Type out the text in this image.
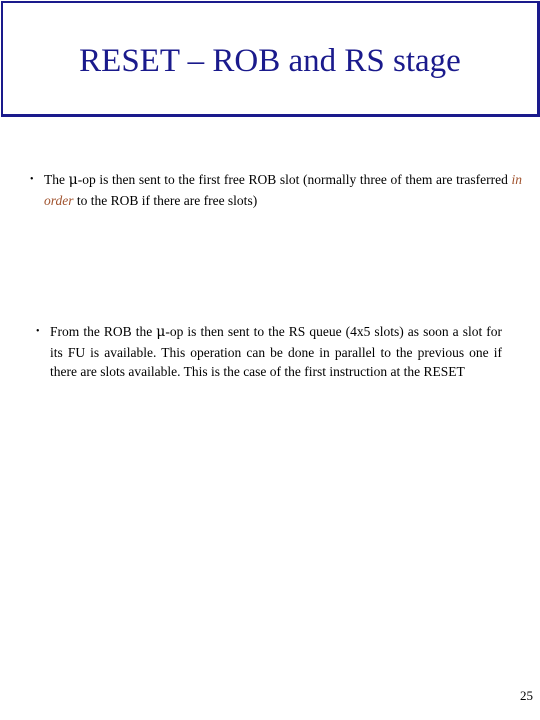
RESET – ROB and RS stage
• The μ-op is then sent to the first free ROB slot (normally three of them are trasferred in order to the ROB if there are free slots)
• From the ROB the μ-op is then sent to the RS queue (4x5 slots) as soon a slot for its FU is available. This operation can be done in parallel to the previous one if there are slots available. This is the case of the first instruction at the RESET
25
